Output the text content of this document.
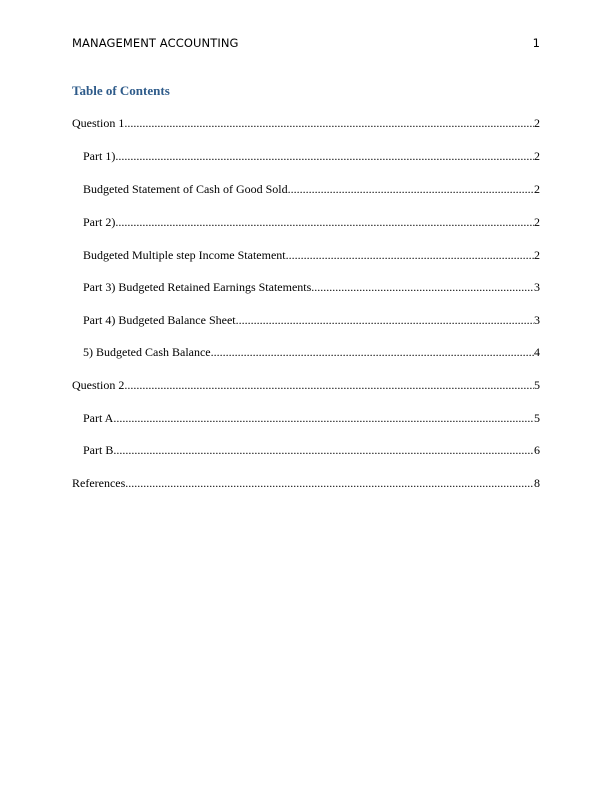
MANAGEMENT ACCOUNTING	1
Table of Contents
Question 1 .....	2
Part 1) .....	2
Budgeted Statement of Cash of Good Sold .....	2
Part 2) .....	2
Budgeted Multiple step Income Statement .....	2
Part 3) Budgeted Retained Earnings Statements .....	3
Part 4) Budgeted Balance Sheet .....	3
5) Budgeted Cash Balance .....	4
Question 2 .....	5
Part A .....	5
Part B .....	6
References .....	8
